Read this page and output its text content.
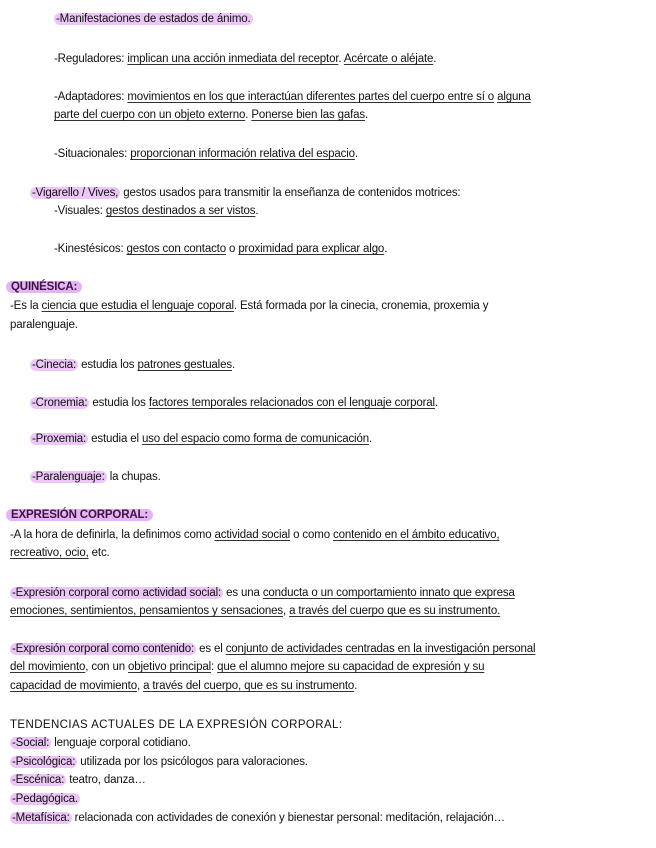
-Manifestaciones de estados de ánimo.
-Reguladores: implican una acción inmediata del receptor. Acércate o aléjate.
-Adaptadores: movimientos en los que interactúan diferentes partes del cuerpo entre sí o alguna
parte del cuerpo con un objeto externo. Ponerse bien las gafas.
-Situacionales: proporcionan información relativa del espacio.
-Vigarello / Vives, gestos usados para transmitir la enseñanza de contenidos motrices:
-Visuales: gestos destinados a ser vistos.
-Kinestésicos: gestos con contacto o proximidad para explicar algo.
QUINÉSICA:
-Es la ciencia que estudia el lenguaje coporal. Está formada por la cinecia, cronemia, proxemia y
paralenguaje.
-Cinecia: estudia los patrones gestuales.
-Cronemia: estudia los factores temporales relacionados con el lenguaje corporal.
-Proxemia: estudia el uso del espacio como forma de comunicación.
-Paralenguaje: la chupas.
EXPRESIÓN CORPORAL:
-A la hora de definirla, la definimos como actividad social o como contenido en el ámbito educativo,
recreativo, ocio, etc.
-Expresión corporal como actividad social: es una conducta o un comportamiento innato que expresa
emociones, sentimientos, pensamientos y sensaciones, a través del cuerpo que es su instrumento.
-Expresión corporal como contenido: es el conjunto de actividades centradas en la investigación personal
del movimiento, con un objetivo principal: que el alumno mejore su capacidad de expresión y su
capacidad de movimiento, a través del cuerpo, que es su instrumento.
TENDENCIAS ACTUALES DE LA EXPRESIÓN CORPORAL:
-Social: lenguaje corporal cotidiano.
-Psicológica: utilizada por los psicólogos para valoraciones.
-Escénica: teatro, danza…
-Pedagógica.
-Metafísica: relacionada con actividades de conexión y bienestar personal: meditación, relajación…
